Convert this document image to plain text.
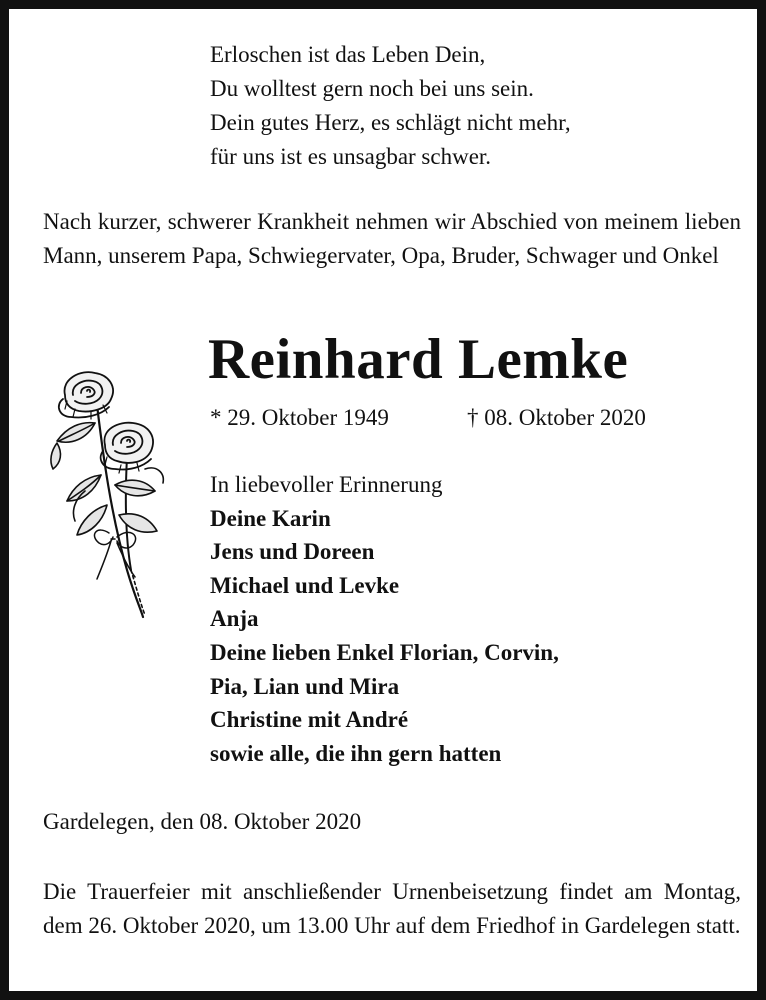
Erloschen ist das Leben Dein,
Du wolltest gern noch bei uns sein.
Dein gutes Herz, es schlägt nicht mehr,
für uns ist es unsagbar schwer.
Nach kurzer, schwerer Krankheit nehmen wir Abschied von meinem lieben Mann, unserem Papa, Schwiegervater, Opa, Bruder, Schwager und Onkel
Reinhard Lemke
* 29. Oktober 1949	† 08. Oktober 2020
In liebevoller Erinnerung
Deine Karin
Jens und Doreen
Michael und Levke
Anja
Deine lieben Enkel Florian, Corvin,
Pia, Lian und Mira
Christine mit André
sowie alle, die ihn gern hatten
Gardelegen, den 08. Oktober 2020
Die Trauerfeier mit anschließender Urnenbeisetzung findet am Montag, dem 26. Oktober 2020, um 13.00 Uhr auf dem Friedhof in Gardelegen statt.
